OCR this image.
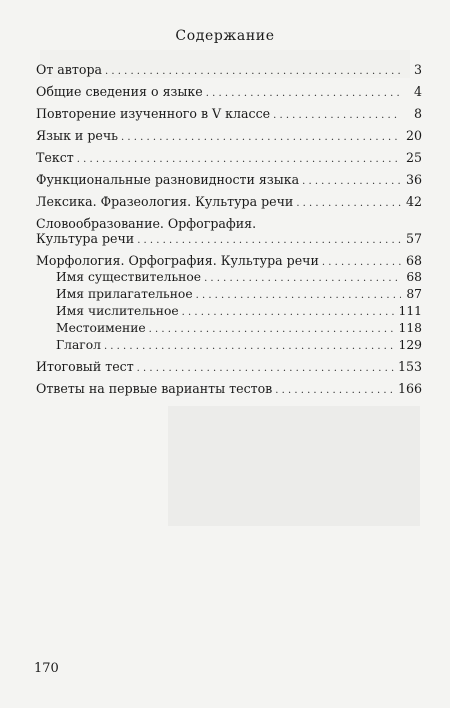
Содержание
От автора . . .	3
Общие сведения о языке . . .	4
Повторение изученного в V классе . . .	8
Язык и речь . . .	20
Текст . . .	25
Функциональные разновидности языка . . .	36
Лексика. Фразеология. Культура речи . . .	42
Словообразование. Орфография.
Культура речи . . .	57
Морфология. Орфография. Культура речи . . .	68
Имя существительное . . .	68
Имя прилагательное . . .	87
Имя числительное . . .	111
Местоимение . . .	118
Глагол . . .	129
Итоговый тест . . .	153
Ответы на первые варианты тестов . . .	166
170
